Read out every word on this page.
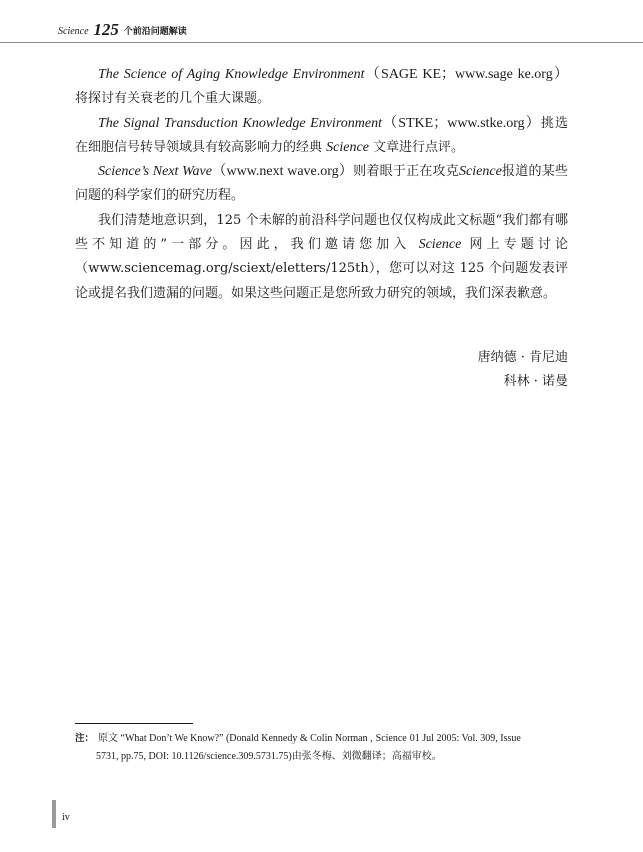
Science 125 个前沿问题解读

The Science of Aging Knowledge Environment（SAGE KE；www.sage ke.org）将探讨有关衰老的几个重大课题。

The Signal Transduction Knowledge Environment（STKE；www.stke.org）挑选在细胞信号转导领域具有较高影响力的经典 Science 文章进行点评。

Science’s Next Wave（www.next wave.org）则着眼于正在攻克Science报道的某些问题的科学家们的研究历程。

我们清楚地意识到，125 个未解的前沿科学问题也仅仅构成此文标题“我们都有哪些不知道的”一部分。因此，我们邀请您加入 Science 网上专题讨论（www.sciencemag.org/sciext/eletters/125th），您可以对这 125 个问题发表评论或提名我们遗漏的问题。如果这些问题正是您所致力研究的领域，我们深表歉意。

唐纳德 · 肯尼迪
科林 · 诺曼
注： 原文 “What Don’t We Know?” (Donald Kennedy & Colin Norman , Science 01 Jul 2005: Vol. 309, Issue
5731, pp.75, DOI: 10.1126/science.309.5731.75)由张冬梅、刘微翻译；高福审校。
iv
